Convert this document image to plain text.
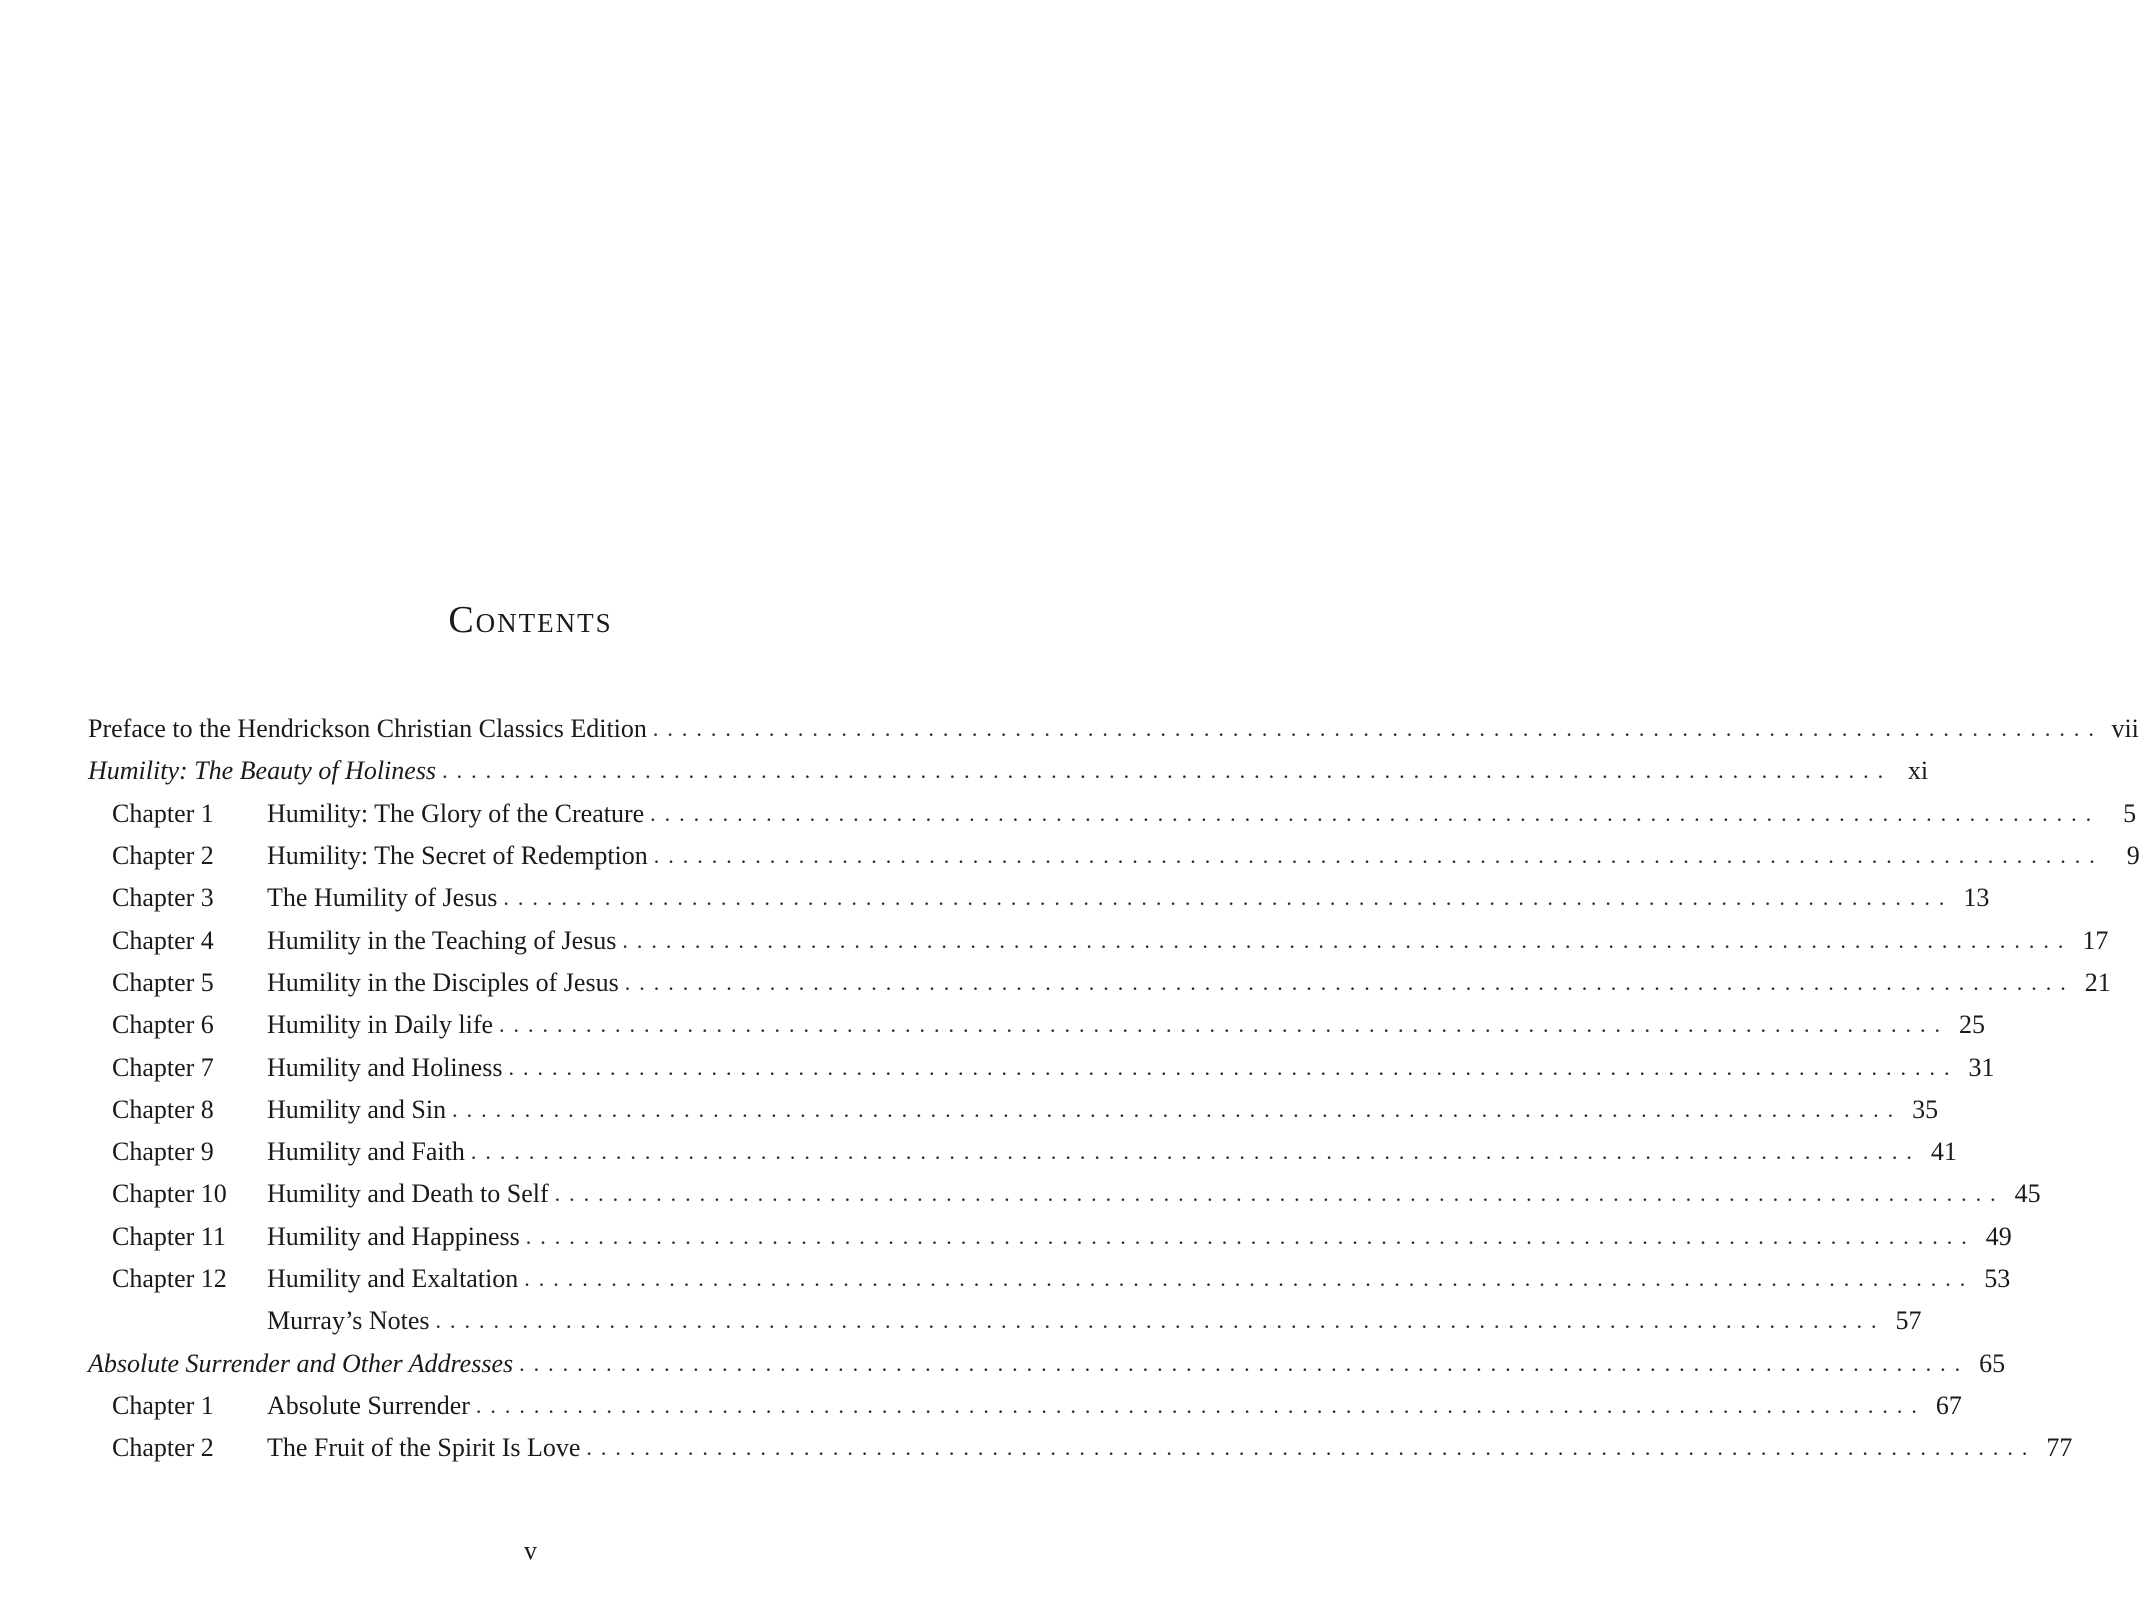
Contents
Preface to the Hendrickson Christian Classics Edition .................................................................................................... vii
Humility: The Beauty of Holiness .................................................................................................... xi
Chapter 1	Humility: The Glory of the Creature .................................................................................................... 5
Chapter 2	Humility: The Secret of Redemption .................................................................................................... 9
Chapter 3	The Humility of Jesus .................................................................................................... 13
Chapter 4	Humility in the Teaching of Jesus .................................................................................................... 17
Chapter 5	Humility in the Disciples of Jesus .................................................................................................... 21
Chapter 6	Humility in Daily life .................................................................................................... 25
Chapter 7	Humility and Holiness .................................................................................................... 31
Chapter 8	Humility and Sin .................................................................................................... 35
Chapter 9	Humility and Faith .................................................................................................... 41
Chapter 10	Humility and Death to Self .................................................................................................... 45
Chapter 11	Humility and Happiness .................................................................................................... 49
Chapter 12	Humility and Exaltation .................................................................................................... 53
Murray’s Notes .................................................................................................... 57
Absolute Surrender and Other Addresses .................................................................................................... 65
Chapter 1	Absolute Surrender .................................................................................................... 67
Chapter 2	The Fruit of the Spirit Is Love .................................................................................................... 77
v
